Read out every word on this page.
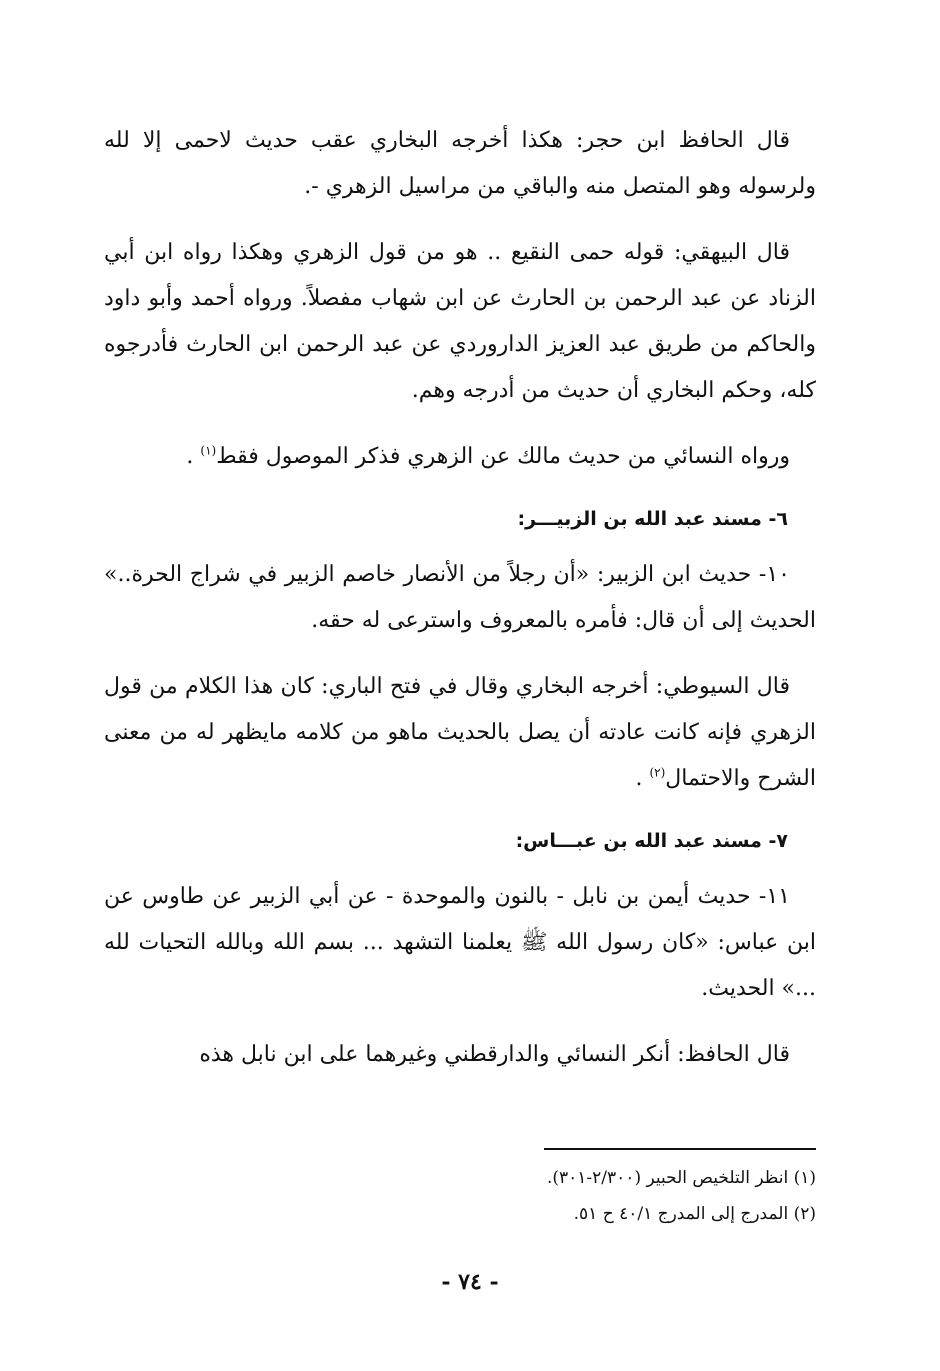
قال الحافظ ابن حجر: هكذا أخرجه البخاري عقب حديث لاحمى إلا لله ولرسوله وهو المتصل منه والباقي من مراسيل الزهري -.

قال البيهقي: قوله حمى النقيع .. هو من قول الزهري وهكذا رواه ابن أبي الزناد عن عبد الرحمن بن الحارث عن ابن شهاب مفصلاً. ورواه أحمد وأبو داود والحاكم من طريق عبد العزيز الداروردي عن عبد الرحمن ابن الحارث فأدرجوه كله، وحكم البخاري أن حديث من أدرجه وهم.

ورواه النسائي من حديث مالك عن الزهري فذكر الموصول فقط$^{(١)}$ .

٦- مسند عبد الله بن الزبيـــر:

١٠- حديث ابن الزبير: «أن رجلاً من الأنصار خاصم الزبير في شراج الحرة..» الحديث إلى أن قال: فأمره بالمعروف واسترعى له حقه.

قال السيوطي: أخرجه البخاري وقال في فتح الباري: كان هذا الكلام من قول الزهري فإنه كانت عادته أن يصل بالحديث ماهو من كلامه مايظهر له من معنى الشرح والاحتمال$^{(٢)}$ .

٧- مسند عبد الله بن عبـــاس:

١١- حديث أيمن بن نابل - بالنون والموحدة - عن أبي الزبير عن طاوس عن ابن عباس: «كان رسول الله ﷺ يعلمنا التشهد ... بسم الله وبالله التحيات لله ...» الحديث.

قال الحافظ: أنكر النسائي والدارقطني وغيرهما على ابن نابل هذه

(١) انظر التلخيص الحبير (٢/٣٠٠-٣٠١).

(٢) المدرج إلى المدرج ٤٠/١ ح ٥١.

- ٧٤ -
